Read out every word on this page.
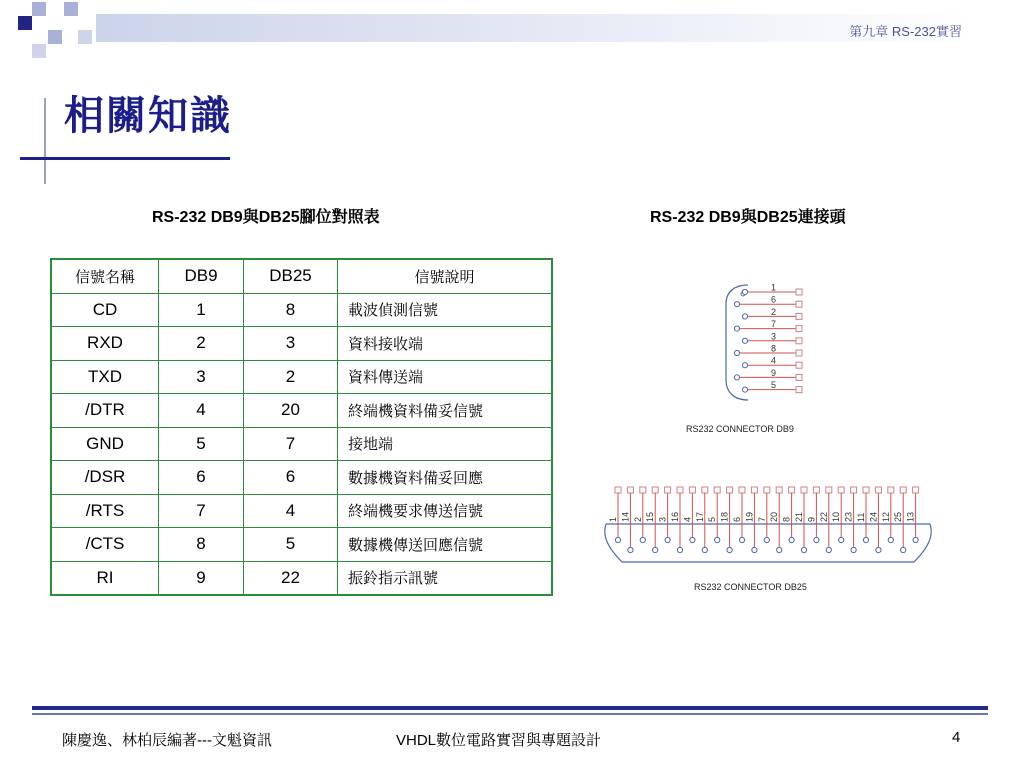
第九章 RS-232實習
相關知識
RS-232 DB9與DB25腳位對照表	RS-232 DB9與DB25連接頭
信號名稱	DB9	DB25	信號說明
CD	1	8	載波偵測信號
RXD	2	3	資料接收端
TXD	3	2	資料傳送端
/DTR	4	20	終端機資料備妥信號
GND	5	7	接地端
/DSR	6	6	數據機資料備妥回應
/RTS	7	4	終端機要求傳送信號
/CTS	8	5	數據機傳送回應信號
RI	9	22	振鈴指示訊號
1
6
2
7
3
8
4
9
5
RS232 CONNECTOR DB9
1 14 2 15 3 16 4 17 5 18 6 19 7 20 8 21 9 22 10 23 11 24 12 25 13
RS232 CONNECTOR DB25
陳慶逸、林柏辰編著---文魁資訊	VHDL數位電路實習與專題設計	4
